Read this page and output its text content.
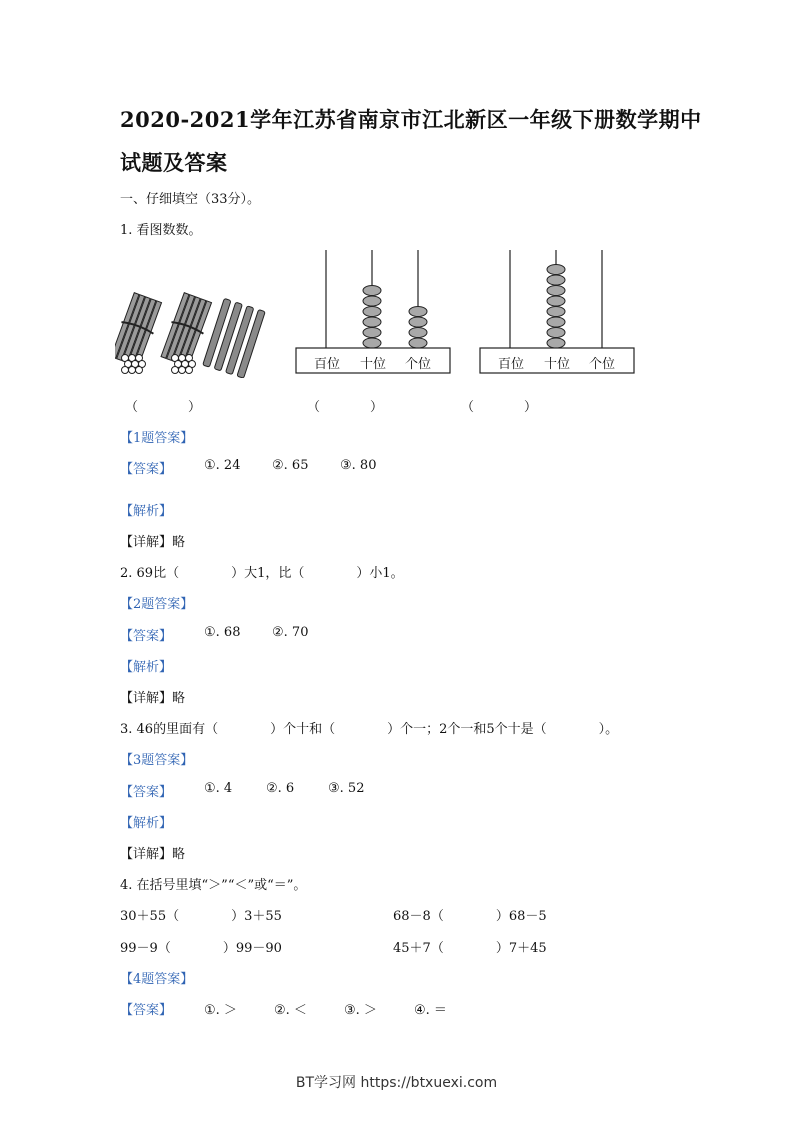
2020-2021学年江苏省南京市江北新区一年级下册数学期中
试题及答案
一、仔细填空（33分）。
1. 看图数数。
百位 十位 个位	百位 十位 个位
（	）	（	）	（	）
【1题答案】
【答案】 ①. 24 ②. 65 ③. 80
【解析】
【详解】略
2. 69比（　　　　）大1，比（　　　　）小1。
【2题答案】
【答案】 ①. 68 ②. 70
【解析】
【详解】略
3. 46的里面有（　　　　）个十和（　　　　）个一；2个一和5个十是（　　　　）。
【3题答案】
【答案】 ①. 4	②. 6	③. 52
【解析】
【详解】略
4. 在括号里填“＞”“＜”或“＝”。
30＋55（　　　　）3＋55	68－8（　　　　）68－5
99－9（　　　　）99－90	45＋7（　　　　）7＋45
【4题答案】
【答案】 ①. ＞	②. ＜	③. ＞	④. ＝
BT学习网 https://btxuexi.com
